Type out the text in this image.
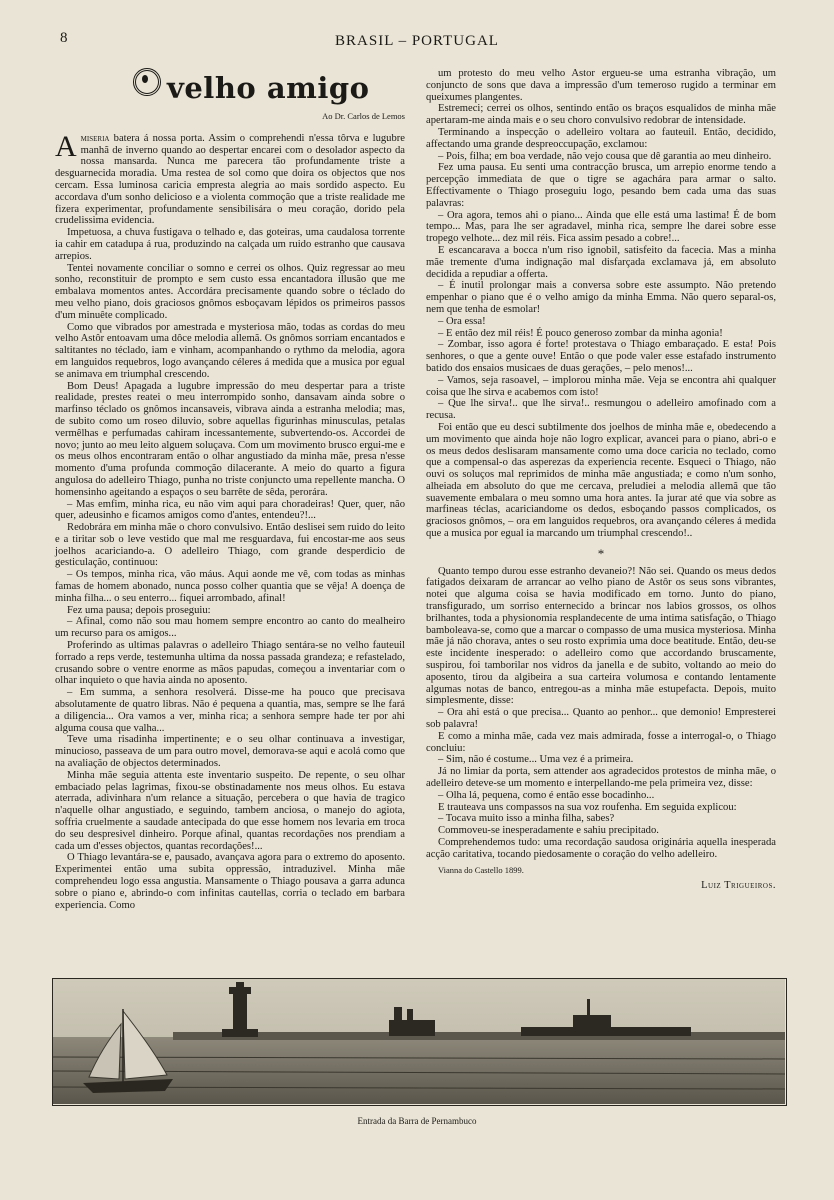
8	BRASIL – PORTUGAL
velho amigo
Ao Dr. Carlos de Lemos

Amiseria batera á nossa porta. Assim o comprehendi n'essa tôrva e lugubre manhã de inverno quando ao despertar encarei com o desolador aspecto da nossa mansarda. Nunca me parecera tão profundamente triste a desguarnecida moradia. Uma restea de sol como que doira os objectos que nos cercam. Essa luminosa caricia empresta alegria ao mais sordido aspecto. Eu accordava d'um sonho delicioso e a violenta commoção que a triste realidade me fizera experimentar, profundamente sensibilisára o meu coração, dorido pela crudelissima evidencia.

Impetuosa, a chuva fustigava o telhado e, das goteiras, uma caudalosa torrente ia cahir em catadupa á rua, produzindo na calçada um ruido estranho que causava arrepios.

Tentei novamente conciliar o somno e cerrei os olhos. Quiz regressar ao meu sonho, reconstituir de prompto e sem custo essa encantadora illusão que me embalava momentos antes. Accordára precisamente quando sobre o téclado do meu velho piano, dois graciosos gnômos esboçavam lépidos os primeiros passos d'um minuête complicado.

Como que vibrados por amestrada e mysteriosa mão, todas as cordas do meu velho Astôr entoavam uma dôce melodia allemã. Os gnômos sorriam encantados e saltitantes no téclado, iam e vinham, acompanhando o rythmo da melodia, agora em languidos requebros, logo avançando céleres á medida que a musica por egual se animava em triumphal crescendo.

Bom Deus! Apagada a lugubre impressão do meu despertar para a triste realidade, prestes reatei o meu interrompido sonho, dansavam ainda sobre o marfinso téclado os gnômos incansaveis, vibrava ainda a estranha melodia; mas, de subito como um roseo diluvio, sobre aquellas figurinhas minusculas, petalas vermêlhas e perfumadas cahiram incessantemente, subvertendo-os. Accordei de novo; junto ao meu leito alguem soluçava. Com um movimento brusco ergui-me e os meus olhos encontraram então o olhar angustiado da minha mãe, presa n'esse momento d'uma profunda commoção dilacerante. A meio do quarto a figura angulosa do adelleiro Thiago, punha no triste conjuncto uma repellente mancha. O homensinho ageitando a espaços o seu barrête de sêda, perorára.

– Mas emfim, minha rica, eu não vim aqui para choradeiras! Quer, quer, não quer, adeusinho e ficamos amigos como d'antes, entendeu?!...

Redobrára em minha mãe o choro convulsivo. Então deslisei sem ruido do leito e a tiritar sob o leve vestido que mal me resguardava, fui encostar-me aos seus joelhos acariciando-a. O adelleiro Thiago, com grande desperdicio de gesticulação, continuou:

– Os tempos, minha rica, vão máus. Aqui aonde me vê, com todas as minhas famas de homem abonado, nunca posso colher quantia que se vêja! A doença de minha filha... o seu enterro... fiquei arrombado, afinal!

Fez uma pausa; depois proseguiu:

– Afinal, como não sou mau homem sempre encontro ao canto do mealheiro um recurso para os amigos...

Proferindo as ultimas palavras o adelleiro Thiago sentára-se no velho fauteuil forrado a reps verde, testemunha ultima da nossa passada grandeza; e refastelado, crusando sobre o ventre enorme as mãos papudas, começou a inventariar com o olhar inquieto o que havia ainda no aposento.

– Em summa, a senhora resolverá. Disse-me ha pouco que precisava absolutamente de quatro libras. Não é pequena a quantia, mas, sempre se lhe fará a diligencia... Ora vamos a ver, minha rica; a senhora sempre hade ter por ahi alguma cousa que valha...

Teve uma risadinha impertinente; e o seu olhar continuava a investigar, minucioso, passeava de um para outro movel, demorava-se aqui e acolá como que na avaliação de objectos determinados.

Minha mãe seguia attenta este inventario suspeito. De repente, o seu olhar embaciado pelas lagrimas, fixou-se obstinadamente nos meus olhos. Eu estava aterrada, adivinhara n'um relance a situação, percebera o que havia de tragico n'aquelle olhar angustiado, e seguindo, tambem anciosa, o manejo do agiota, soffria cruelmente a saudade antecipada do que esse homem nos levaria em troca do seu despresivel dinheiro. Porque afinal, quantas recordações nos prendiam a cada um d'esses objectos, quantas recordações!...

O Thiago levantára-se e, pausado, avançava agora para o extremo do aposento. Experimentei então uma subita oppressão, intraduzivel. Minha mãe comprehendeu logo essa angustia. Mansamente o Thiago pousava a garra adunca sobre o piano e, abrindo-o com infinitas cautellas, corria o teclado em barbara experiencia. Como

um protesto do meu velho Astor ergueu-se uma estranha vibração, um conjuncto de sons que dava a impressão d'um temeroso rugido a terminar em queixumes plangentes.

Estremeci; cerrei os olhos, sentindo então os braços esqualidos de minha mãe apertaram-me ainda mais e o seu choro convulsivo redobrar de intensidade.

Terminando a inspecção o adelleiro voltara ao fauteuil. Então, decidido, affectando uma grande despreoccupação, exclamou:

– Pois, filha; em boa verdade, não vejo cousa que dê garantia ao meu dinheiro.

Fez uma pausa. Eu senti uma contracção brusca, um arrepio enorme tendo a percepção immediata de que o tigre se agachára para armar o salto. Effectivamente o Thiago proseguiu logo, pesando bem cada uma das suas palavras:

– Ora agora, temos ahi o piano... Ainda que elle está uma lastima! É de bom tempo... Mas, para lhe ser agradavel, minha rica, sempre lhe darei sobre esse tropego velhote... dez mil réis. Fica assim pesado a cobre!...

E escancarava a bocca n'um riso ignobil, satisfeito da facecia. Mas a minha mãe tremente d'uma indignação mal disfarçada exclamava já, em absoluto decidida a repudiar a offerta.

– É inutil prolongar mais a conversa sobre este assumpto. Não pretendo empenhar o piano que é o velho amigo da minha Emma. Não quero separal-os, nem que tenha de esmolar!

– Ora essa!

– E então dez mil réis! É pouco generoso zombar da minha agonia!

– Zombar, isso agora é forte! protestava o Thiago embaraçado. E esta! Pois senhores, o que a gente ouve! Então o que pode valer esse estafado instrumento batido dos ensaios musicaes de duas gerações, – pelo menos!...

– Vamos, seja rasoavel, – implorou minha mãe. Veja se encontra ahi qualquer coisa que lhe sirva e acabemos com isto!

– Que lhe sirva!.. que lhe sirva!.. resmungou o adelleiro amofinado com a recusa.

Foi então que eu desci subtilmente dos joelhos de minha mãe e, obedecendo a um movimento que ainda hoje não logro explicar, avancei para o piano, abri-o e os meus dedos deslisaram mansamente como uma doce caricia no teclado, como que a compensal-o das asperezas da experiencia recente. Esqueci o Thiago, não ouvi os soluços mal reprimidos de minha mãe angustiada; e como n'um sonho, alheiada em absoluto do que me cercava, preludiei a melodia allemã que tão suavemente embalara o meu somno uma hora antes. Ia jurar até que via sobre as marfineas téclas, acariciandome os dedos, esboçando passos complicados, os graciosos gnômos, – ora em languidos requebros, ora avançando céleres á medida que a musica por egual ia marcando um triumphal crescendo!..

*

Quanto tempo durou esse estranho devaneio?! Não sei. Quando os meus dedos fatigados deixaram de arrancar ao velho piano de Astôr os seus sons vibrantes, notei que alguma coisa se havia modificado em torno. Junto do piano, transfigurado, um sorriso enternecido a brincar nos labios grossos, os olhos brilhantes, toda a physionomia resplandecente de uma intima satisfação, o Thiago bamboleava-se, como que a marcar o compasso de uma musica mysteriosa. Minha mãe já não chorava, antes o seu rosto exprimia uma doce beatitude. Então, deu-se este incidente inesperado: o adelleiro como que accordando bruscamente, suspirou, foi tamborilar nos vidros da janella e de subito, voltando ao meio do aposento, tirou da algibeira a sua carteira volumosa e contando lentamente algumas notas de banco, entregou-as a minha mãe estupefacta. Depois, muito simplesmente, disse:

– Ora ahi está o que precisa... Quanto ao penhor... que demonio! Empresterei sob palavra!

E como a minha mãe, cada vez mais admirada, fosse a interrogal-o, o Thiago concluiu:

– Sim, não é costume... Uma vez é a primeira.

Já no limiar da porta, sem attender aos agradecidos protestos de minha mãe, o adelleiro deteve-se um momento e interpellando-me pela primeira vez, disse:

– Olha lá, pequena, como é então esse bocadinho...

E trauteava uns compassos na sua voz roufenha. Em seguida explicou:

– Tocava muito isso a minha filha, sabes?

Commoveu-se inesperadamente e sahiu precipitado.

Comprehendemos tudo: uma recordação saudosa originária aquella inesperada acção caritativa, tocando piedosamente o coração do velho adelleiro.

Vianna do Castello 1899.
Luiz Trigueiros.
Entrada da Barra de Pernambuco
